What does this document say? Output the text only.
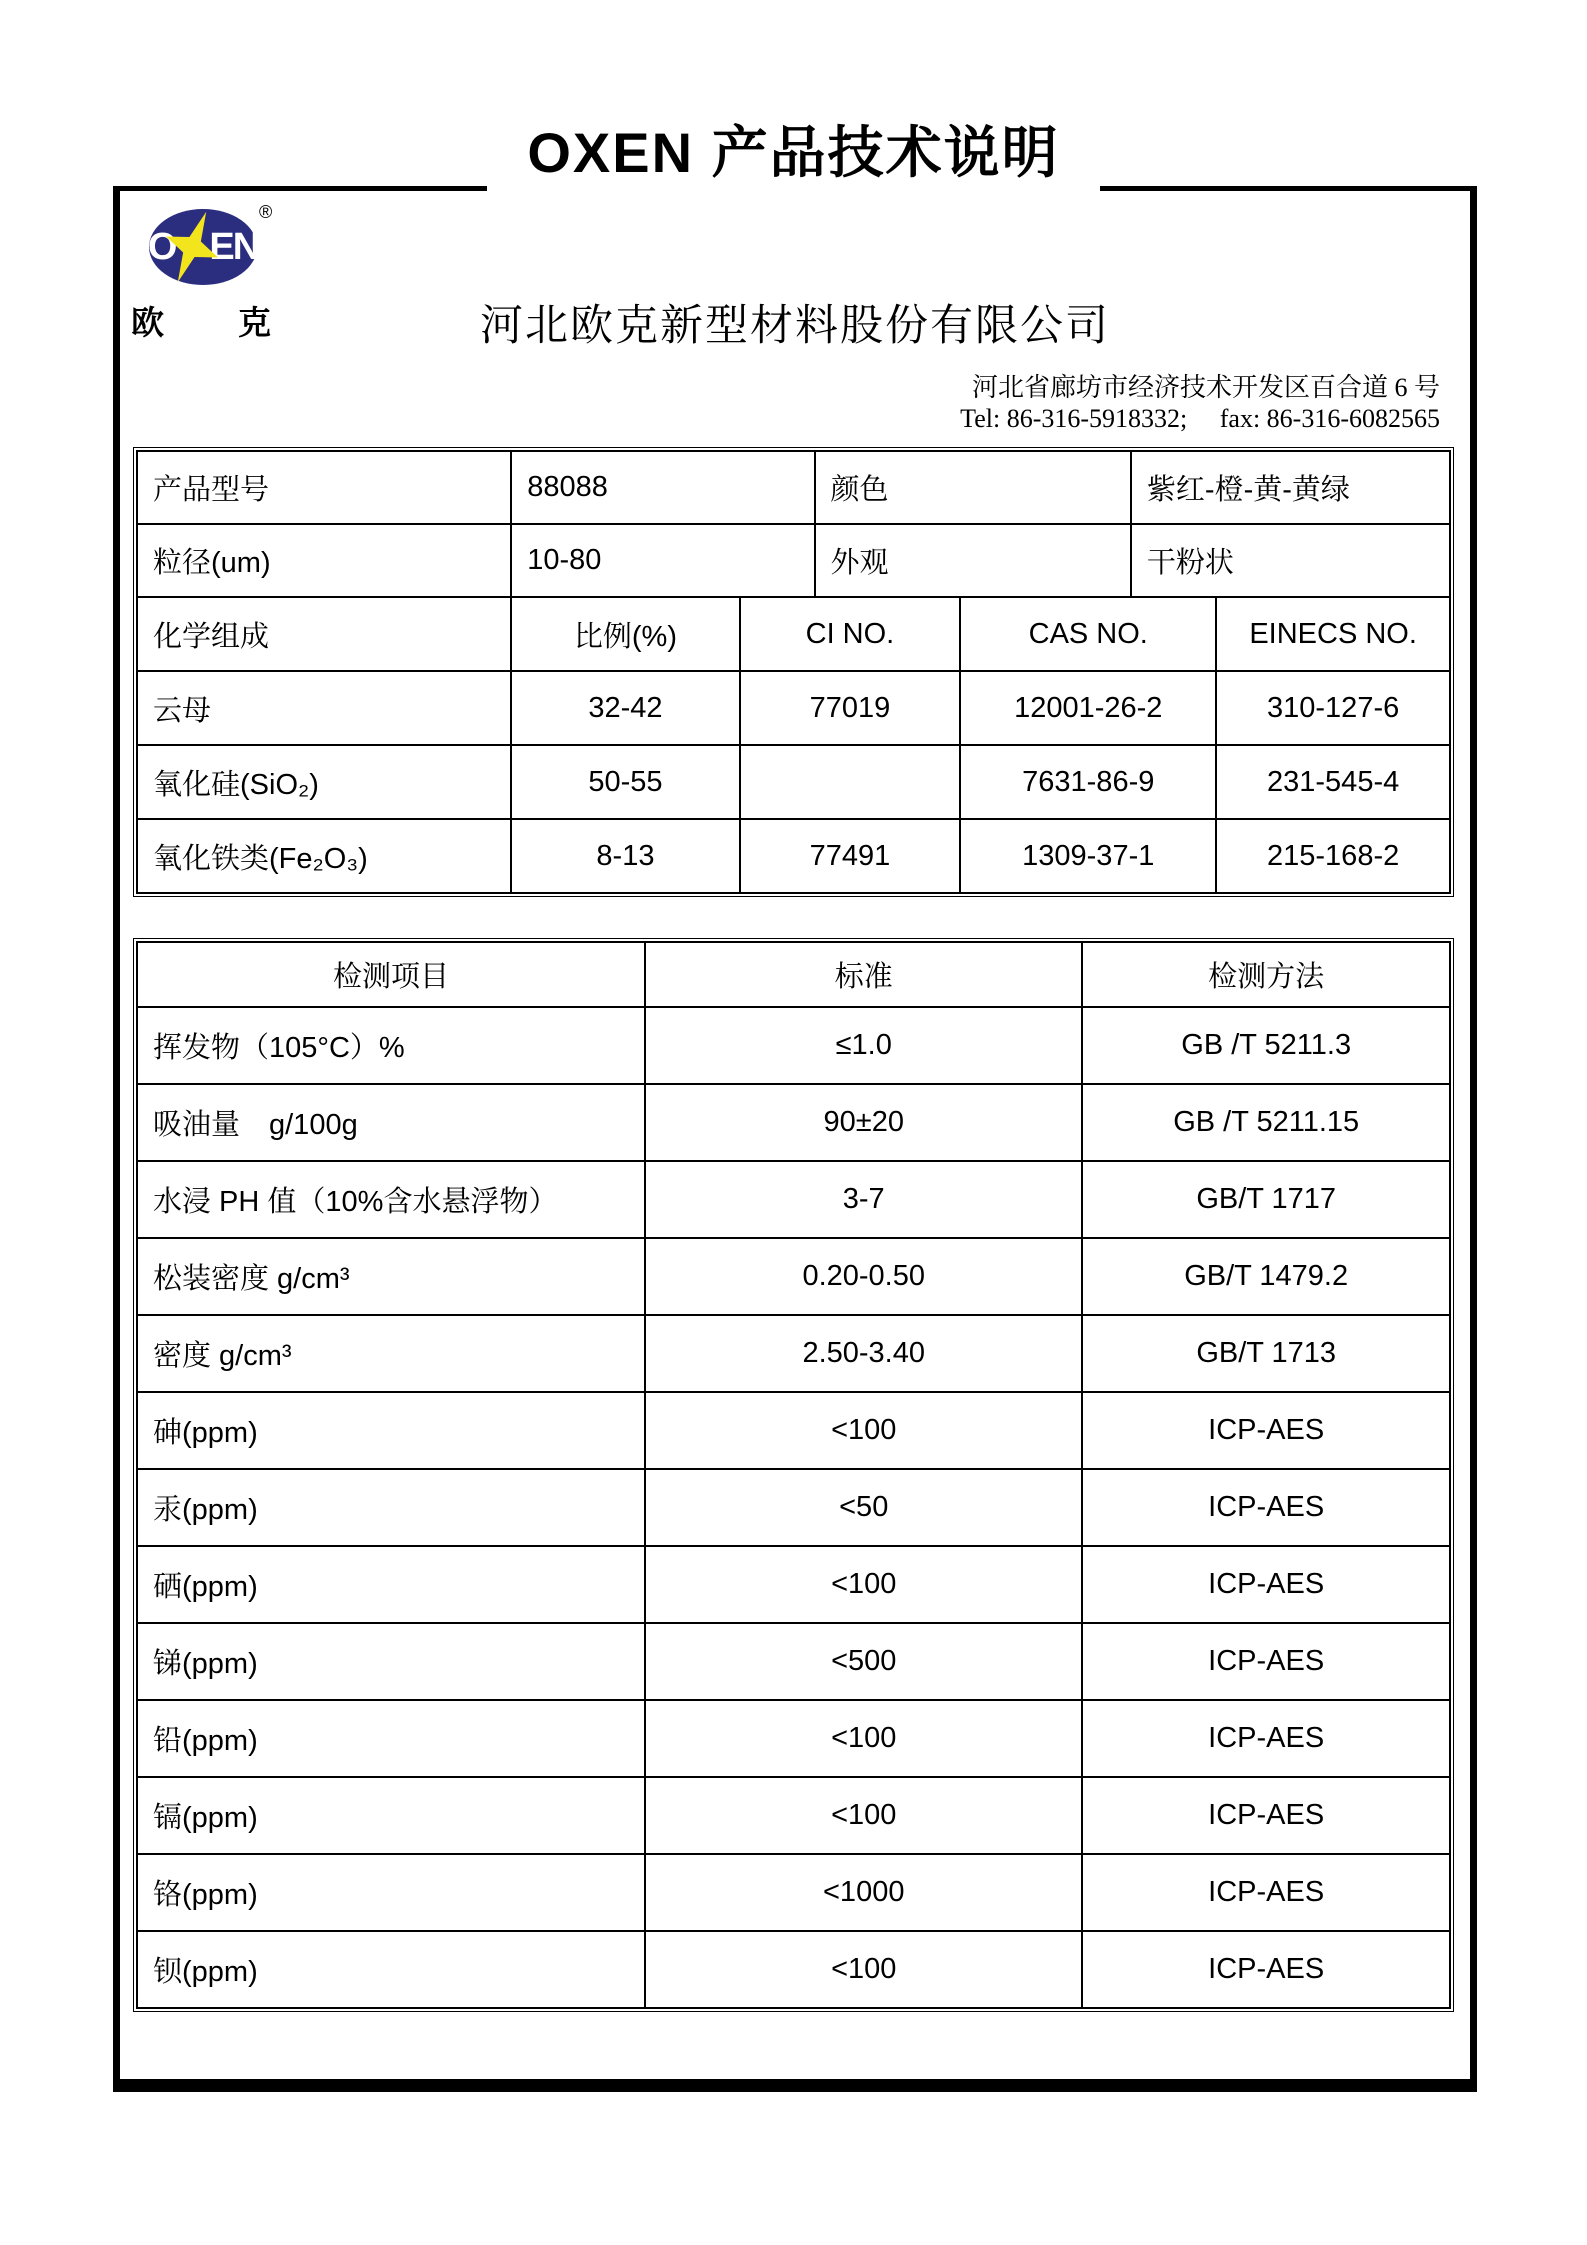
OXEN 产品技术说明
O EN
®
欧 克	河北欧克新型材料股份有限公司
河北省廊坊市经济技术开发区百合道 6 号
Tel: 86-316-5918332;　 fax: 86-316-6082565
产品型号	88088	颜色	紫红-橙-黄-黄绿
粒径(um)	10-80	外观	干粉状
化学组成	比例(%)	CI NO.	CAS NO.	EINECS NO.
云母	32-42	77019	12001-26-2	310-127-6
氧化硅(SiO₂)	50-55		7631-86-9	231-545-4
氧化铁类(Fe₂O₃)	8-13	77491	1309-37-1	215-168-2
检测项目	标准	检测方法
挥发物（105°C）%	≤1.0	GB /T 5211.3
吸油量　g/100g	90±20	GB /T 5211.15
水浸 PH 值（10%含水悬浮物）	3-7	GB/T 1717
松装密度 g/cm³	0.20-0.50	GB/T 1479.2
密度 g/cm³	2.50-3.40	GB/T 1713
砷(ppm)	<100	ICP-AES
汞(ppm)	<50	ICP-AES
硒(ppm)	<100	ICP-AES
锑(ppm)	<500	ICP-AES
铅(ppm)	<100	ICP-AES
镉(ppm)	<100	ICP-AES
铬(ppm)	<1000	ICP-AES
钡(ppm)	<100	ICP-AES
